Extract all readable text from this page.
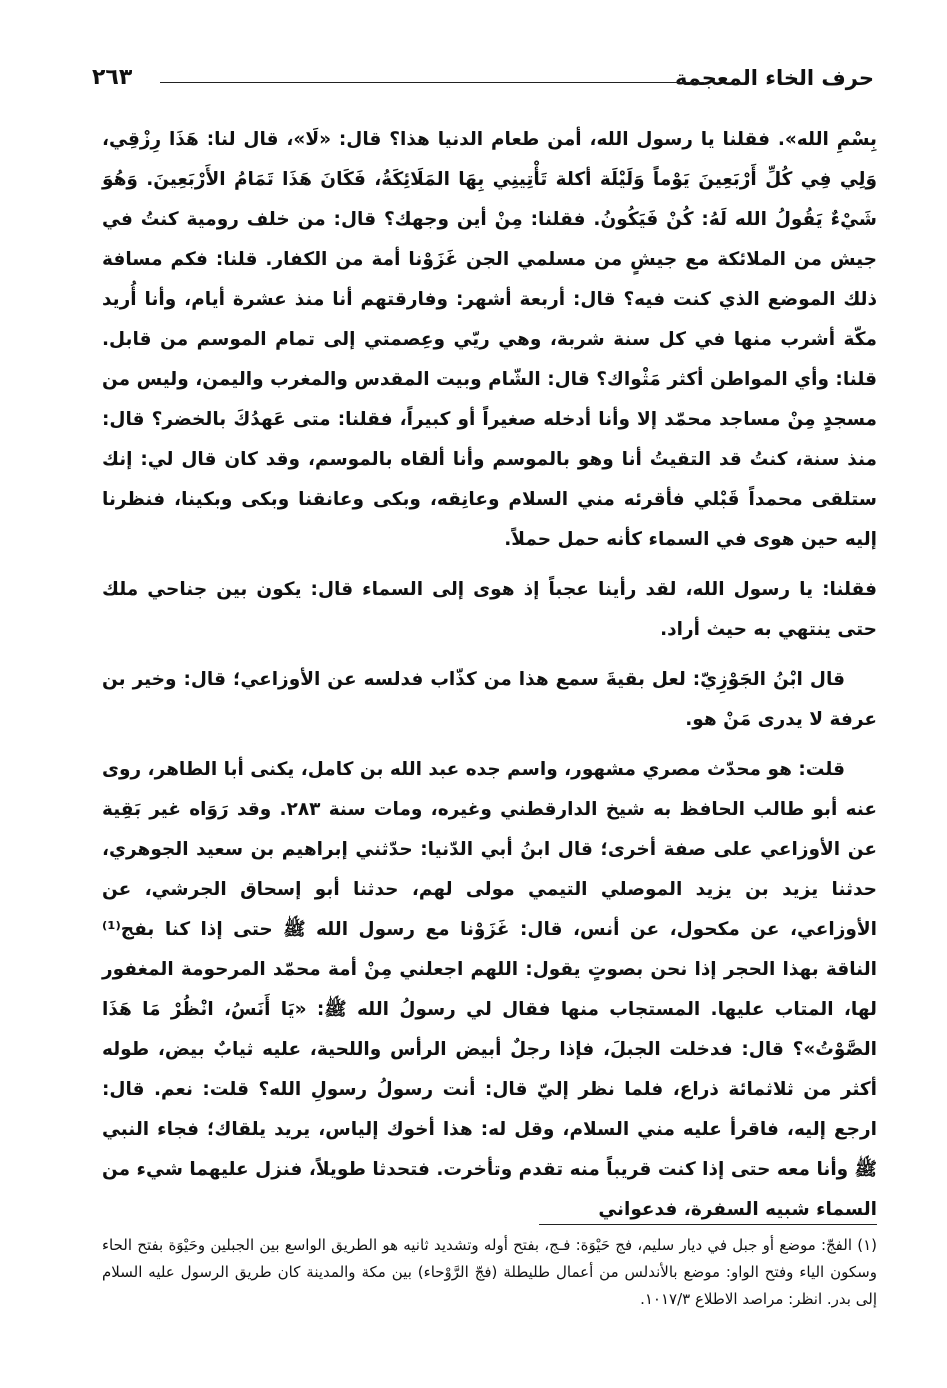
حرف الخاء المعجمة
٢٦٣

بِسْمِ الله». فقلنا يا رسول الله، أمن طعام الدنيا هذا؟ قال: «لَا»، قال لنا: هَذَا رِزْقِي، وَلِي فِي كُلِّ أَرْبَعِينَ يَوْماً وَلَيْلَة أكلة تَأْتِينِي بِهَا المَلَائِكَةُ، فَكَانَ هَذَا تَمَامُ الأَرْبَعِينَ. وَهُوَ شَيْءٌ يَقُولُ الله لَهُ: كُنْ فَيَكُونُ. فقلنا: مِنْ أين وجهك؟ قال: من خلف رومية كنتُ في جيش من الملائكة مع جيشٍ من مسلمي الجن غَزَوْنا أمة من الكفار. قلنا: فكم مسافة ذلك الموضع الذي كنت فيه؟ قال: أربعة أشهر: وفارقتهم أنا منذ عشرة أيام، وأنا أُريد مكّة أشرب منها في كل سنة شربة، وهي ريّي وعِصمتي إلى تمام الموسم من قابل. قلنا: وأي المواطن أكثر مَثْواك؟ قال: الشّام وبيت المقدس والمغرب واليمن، وليس من مسجدٍ مِنْ مساجد محمّد إلا وأنا أدخله صغيراً أو كبيراً، فقلنا: متى عَهدُكَ بالخضر؟ قال: منذ سنة، كنتُ قد التقيتُ أنا وهو بالموسم وأنا ألقاه بالموسم، وقد كان قال لي: إنك ستلقى محمداً قَبْلي فأقرئه مني السلام وعانِقه، وبكى وعانقنا وبكى وبكينا، فنظرنا إليه حين هوى في السماء كأنه حمل حملاً.

فقلنا: يا رسول الله، لقد رأينا عجباً إذ هوى إلى السماء قال: يكون بين جناحي ملك حتى ينتهي به حيث أراد.

قال ابْنُ الجَوْزِيّ: لعل بقيةَ سمع هذا من كذّاب فدلسه عن الأوزاعي؛ قال: وخير بن عرفة لا يدرى مَنْ هو.

قلت: هو محدّث مصري مشهور، واسم جده عبد الله بن كامل، يكنى أبا الطاهر، روى عنه أبو طالب الحافظ به شيخ الدارقطني وغيره، ومات سنة ٢٨٣. وقد رَوَاه غير بَقِية عن الأوزاعي على صفة أخرى؛ قال ابنُ أبي الدّنيا: حدّثني إبراهيم بن سعيد الجوهري، حدثنا يزيد بن يزيد الموصلي التيمي مولى لهم، حدثنا أبو إسحاق الجرشي، عن الأوزاعي، عن مكحول، عن أنس، قال: غَزَوْنا مع رسول الله ﷺ حتى إذا كنا بفج⁽¹⁾ الناقة بهذا الحجر إذا نحن بصوتٍ يقول: اللهم اجعلني مِنْ أمة محمّد المرحومة المغفور لها، المتاب عليها. المستجاب منها فقال لي رسولُ الله ﷺ: «يَا أَنَسُ، انْظُرْ مَا هَذَا الصَّوْتُ»؟ قال: فدخلت الجبلَ، فإذا رجلٌ أبيض الرأس واللحية، عليه ثيابٌ بيض، طوله أكثر من ثلاثمائة ذراع، فلما نظر إليّ قال: أنت رسولُ رسولِ الله؟ قلت: نعم. قال: ارجع إليه، فاقرأ عليه مني السلام، وقل له: هذا أخوك إلياس، يريد يلقاك؛ فجاء النبي ﷺ وأنا معه حتى إذا كنت قريباً منه تقدم وتأخرت. فتحدثا طويلاً، فنزل عليهما شيء من السماء شبيه السفرة، فدعواني

(١) الفجّ: موضع أو جبل في ديار سليم، فج حَيْوَة: فـج، بفتح أوله وتشديد ثانيه هو الطريق الواسع بين الجبلين وحَيْوَة بفتح الحاء وسكون الياء وفتح الواو: موضع بالأندلس من أعمال طليطلة (فجّ الرَّوْحاء) بين مكة والمدينة كان طريق الرسول عليه السلام إلى بدر. انظر: مراصد الاطلاع ١٠١٧/٣.
